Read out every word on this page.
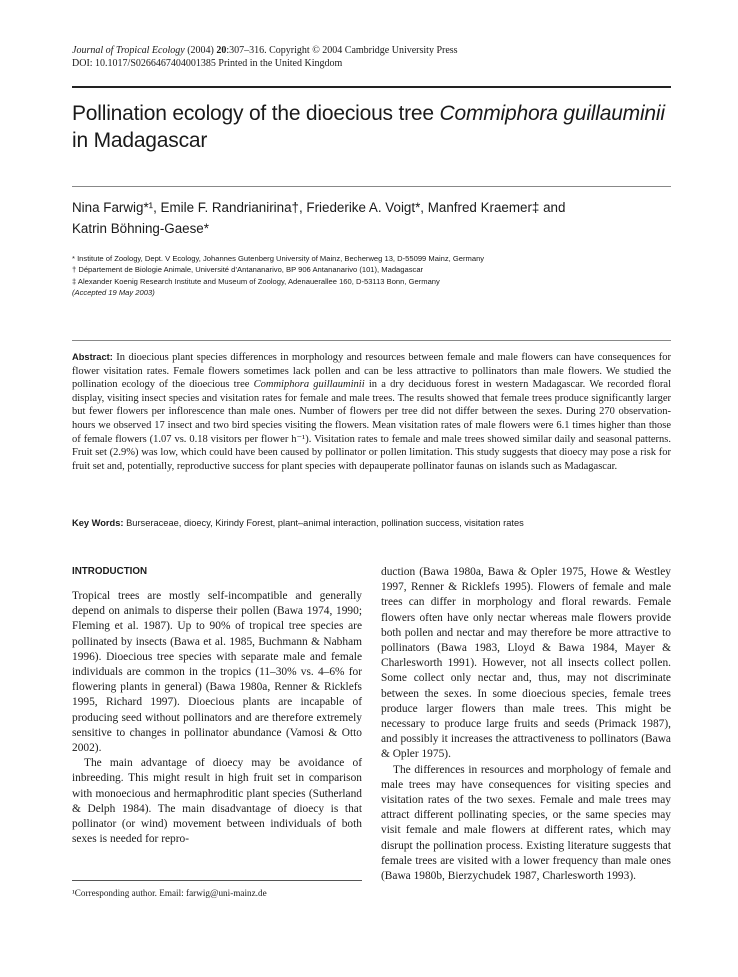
Journal of Tropical Ecology (2004) 20:307–316. Copyright © 2004 Cambridge University Press
DOI: 10.1017/S0266467404001385 Printed in the United Kingdom
Pollination ecology of the dioecious tree Commiphora guillauminii
in Madagascar
Nina Farwig*¹, Emile F. Randrianirina†, Friederike A. Voigt*, Manfred Kraemer‡ and
Katrin Böhning-Gaese*
* Institute of Zoology, Dept. V Ecology, Johannes Gutenberg University of Mainz, Becherweg 13, D-55099 Mainz, Germany
† Département de Biologie Animale, Université d’Antananarivo, BP 906 Antananarivo (101), Madagascar
‡ Alexander Koenig Research Institute and Museum of Zoology, Adenauerallee 160, D-53113 Bonn, Germany
(Accepted 19 May 2003)
Abstract: In dioecious plant species differences in morphology and resources between female and male flowers can have consequences for flower visitation rates. Female flowers sometimes lack pollen and can be less attractive to pollinators than male flowers. We studied the pollination ecology of the dioecious tree Commiphora guillauminii in a dry deciduous forest in western Madagascar. We recorded floral display, visiting insect species and visitation rates for female and male trees. The results showed that female trees produce significantly larger but fewer flowers per inflorescence than male ones. Number of flowers per tree did not differ between the sexes. During 270 observation-hours we observed 17 insect and two bird species visiting the flowers. Mean visitation rates of male flowers were 6.1 times higher than those of female flowers (1.07 vs. 0.18 visitors per flower h⁻¹). Visitation rates to female and male trees showed similar daily and seasonal patterns. Fruit set (2.9%) was low, which could have been caused by pollinator or pollen limitation. This study suggests that dioecy may pose a risk for fruit set and, potentially, reproductive success for plant species with depauperate pollinator faunas on islands such as Madagascar.
Key Words: Burseraceae, dioecy, Kirindy Forest, plant–animal interaction, pollination success, visitation rates
INTRODUCTION

Tropical trees are mostly self-incompatible and generally depend on animals to disperse their pollen (Bawa 1974, 1990; Fleming et al. 1987). Up to 90% of tropical tree species are pollinated by insects (Bawa et al. 1985, Buchmann & Nabham 1996). Dioecious tree species with separate male and female individuals are common in the tropics (11–30% vs. 4–6% for flowering plants in general) (Bawa 1980a, Renner & Ricklefs 1995, Richard 1997). Dioecious plants are incapable of producing seed without pollinators and are therefore extremely sensitive to changes in pollinator abundance (Vamosi & Otto 2002).

The main advantage of dioecy may be avoidance of inbreeding. This might result in high fruit set in comparison with monoecious and hermaphroditic plant species (Sutherland & Delph 1984). The main disadvantage of dioecy is that pollinator (or wind) movement between individuals of both sexes is needed for repro-

duction (Bawa 1980a, Bawa & Opler 1975, Howe & Westley 1997, Renner & Ricklefs 1995). Flowers of female and male trees can differ in morphology and floral rewards. Female flowers often have only nectar whereas male flowers provide both pollen and nectar and may therefore be more attractive to pollinators (Bawa 1983, Lloyd & Bawa 1984, Mayer & Charlesworth 1991). However, not all insects collect pollen. Some collect only nectar and, thus, may not discriminate between the sexes. In some dioecious species, female trees produce larger flowers than male trees. This might be necessary to produce large fruits and seeds (Primack 1987), and possibly it increases the attractiveness to pollinators (Bawa & Opler 1975).

The differences in resources and morphology of female and male trees may have consequences for visiting species and visitation rates of the two sexes. Female and male trees may attract different pollinating species, or the same species may visit female and male flowers at different rates, which may disrupt the pollination process. Existing literature suggests that female trees are visited with a lower frequency than male ones (Bawa 1980b, Bierzychudek 1987, Charlesworth 1993).

¹Corresponding author. Email: farwig@uni-mainz.de
